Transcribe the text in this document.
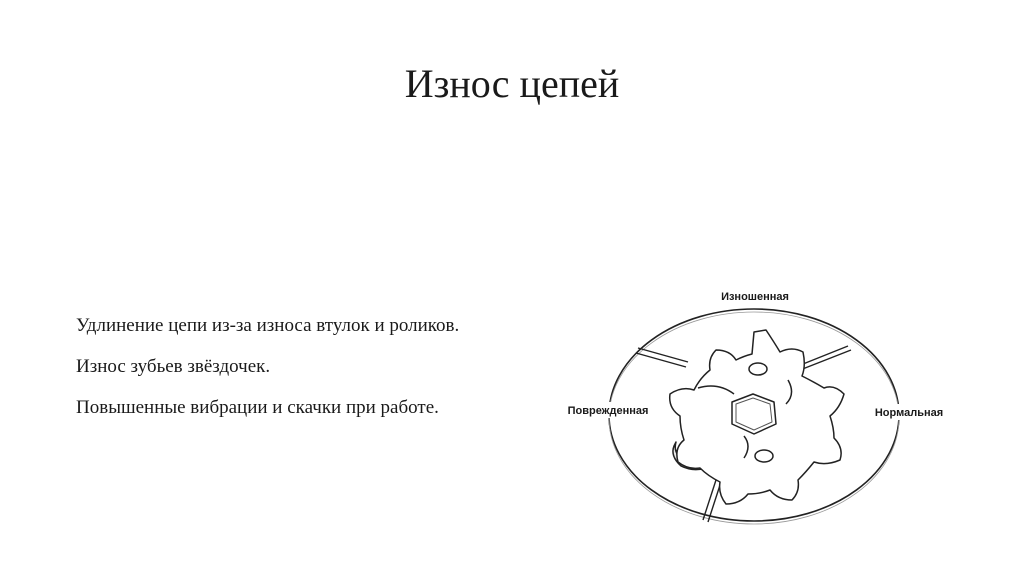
Износ цепей
Удлинение цепи из-за износа втулок и роликов.
Износ зубьев звёздочек.
Повышенные вибрации и скачки при работе.
Изношенная
Поврежденная	Нормальная
